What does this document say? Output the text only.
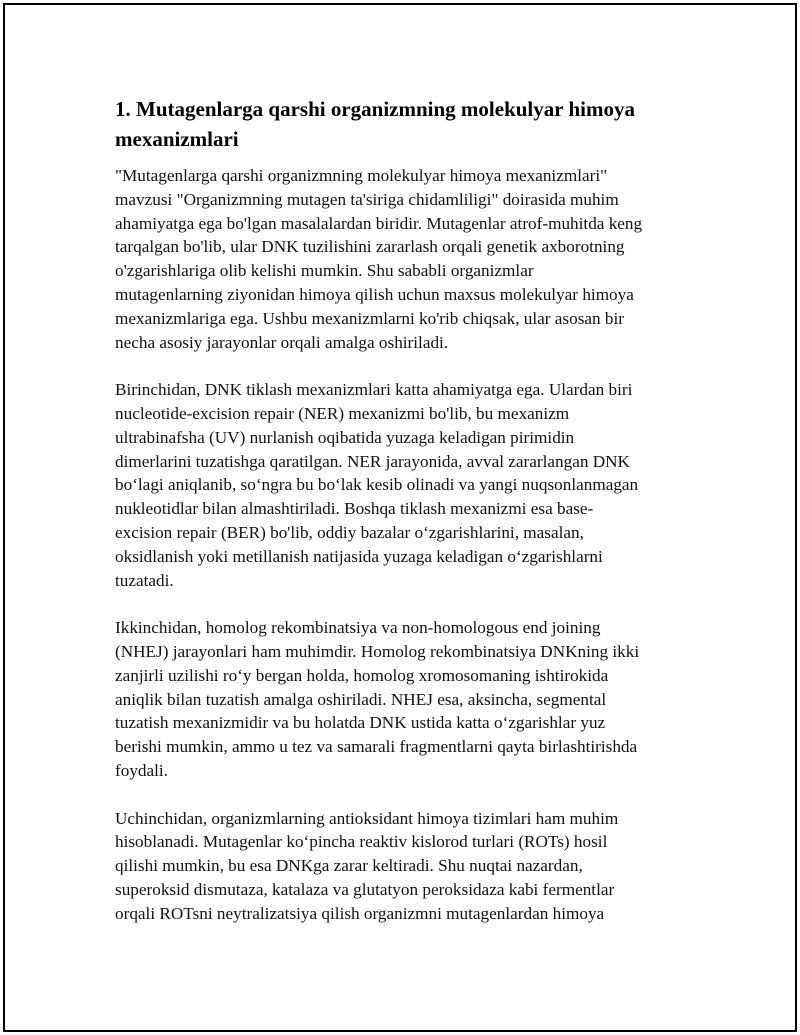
1. Mutagenlarga qarshi organizmning molekulyar himoya
mexanizmlari

"Mutagenlarga qarshi organizmning molekulyar himoya mexanizmlari"
mavzusi "Organizmning mutagen ta'siriga chidamliligi" doirasida muhim
ahamiyatga ega bo'lgan masalalardan biridir. Mutagenlar atrof-muhitda keng
tarqalgan bo'lib, ular DNK tuzilishini zararlash orqali genetik axborotning
o'zgarishlariga olib kelishi mumkin. Shu sababli organizmlar
mutagenlarning ziyonidan himoya qilish uchun maxsus molekulyar himoya
mexanizmlariga ega. Ushbu mexanizmlarni ko'rib chiqsak, ular asosan bir
necha asosiy jarayonlar orqali amalga oshiriladi.

Birinchidan, DNK tiklash mexanizmlari katta ahamiyatga ega. Ulardan biri
nucleotide-excision repair (NER) mexanizmi bo'lib, bu mexanizm
ultrabinafsha (UV) nurlanish oqibatida yuzaga keladigan pirimidin
dimerlarini tuzatishga qaratilgan. NER jarayonida, avval zararlangan DNK
bo‘lagi aniqlanib, so‘ngra bu bo‘lak kesib olinadi va yangi nuqsonlanmagan
nukleotidlar bilan almashtiriladi. Boshqa tiklash mexanizmi esa base-
excision repair (BER) bo'lib, oddiy bazalar o‘zgarishlarini, masalan,
oksidlanish yoki metillanish natijasida yuzaga keladigan o‘zgarishlarni
tuzatadi.

Ikkinchidan, homolog rekombinatsiya va non-homologous end joining
(NHEJ) jarayonlari ham muhimdir. Homolog rekombinatsiya DNKning ikki
zanjirli uzilishi ro‘y bergan holda, homolog xromosomaning ishtirokida
aniqlik bilan tuzatish amalga oshiriladi. NHEJ esa, aksincha, segmental
tuzatish mexanizmidir va bu holatda DNK ustida katta o‘zgarishlar yuz
berishi mumkin, ammo u tez va samarali fragmentlarni qayta birlashtirishda
foydali.

Uchinchidan, organizmlarning antioksidant himoya tizimlari ham muhim
hisoblanadi. Mutagenlar ko‘pincha reaktiv kislorod turlari (ROTs) hosil
qilishi mumkin, bu esa DNKga zarar keltiradi. Shu nuqtai nazardan,
superoksid dismutaza, katalaza va glutatyon peroksidaza kabi fermentlar
orqali ROTsni neytralizatsiya qilish organizmni mutagenlardan himoya
